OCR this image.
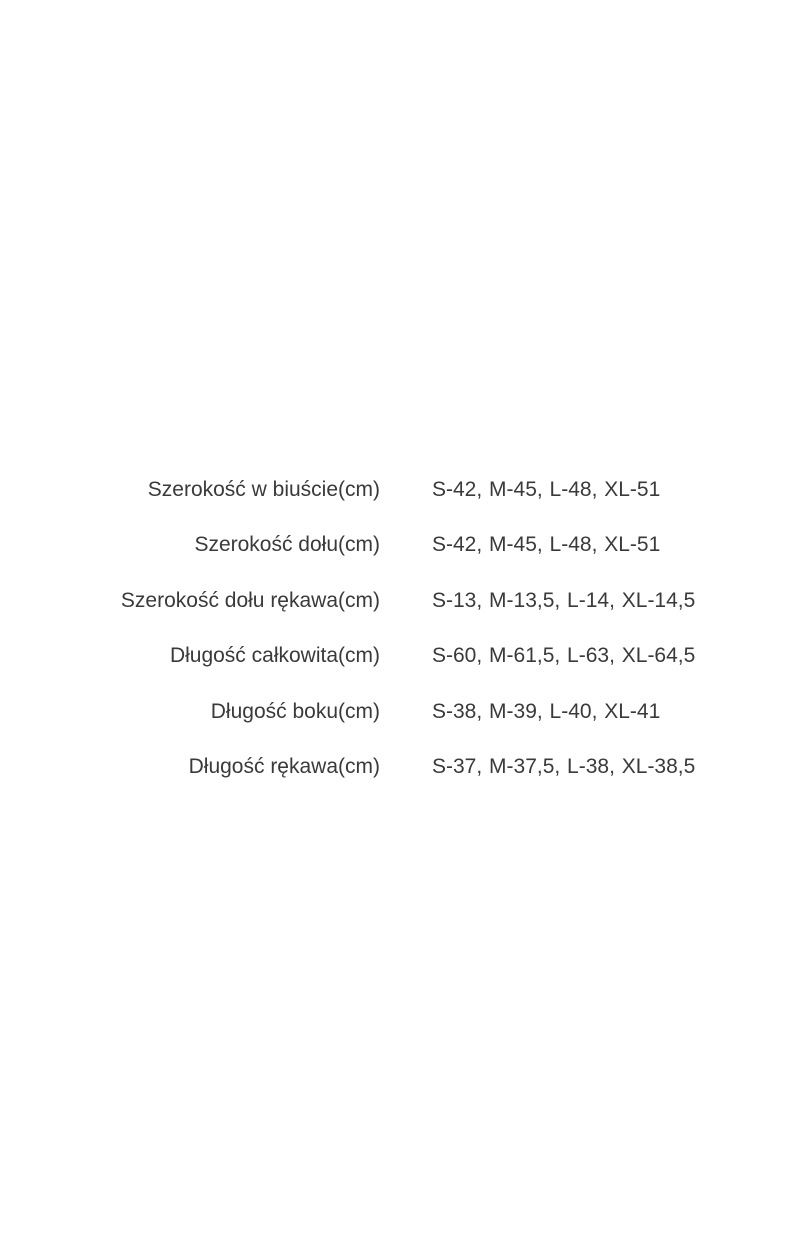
Szerokość w biuście(cm) S-42, M-45, L-48, XL-51
Szerokość dołu(cm) S-42, M-45, L-48, XL-51
Szerokość dołu rękawa(cm) S-13, M-13,5, L-14, XL-14,5
Długość całkowita(cm) S-60, M-61,5, L-63, XL-64,5
Długość boku(cm) S-38, M-39, L-40, XL-41
Długość rękawa(cm) S-37, M-37,5, L-38, XL-38,5
